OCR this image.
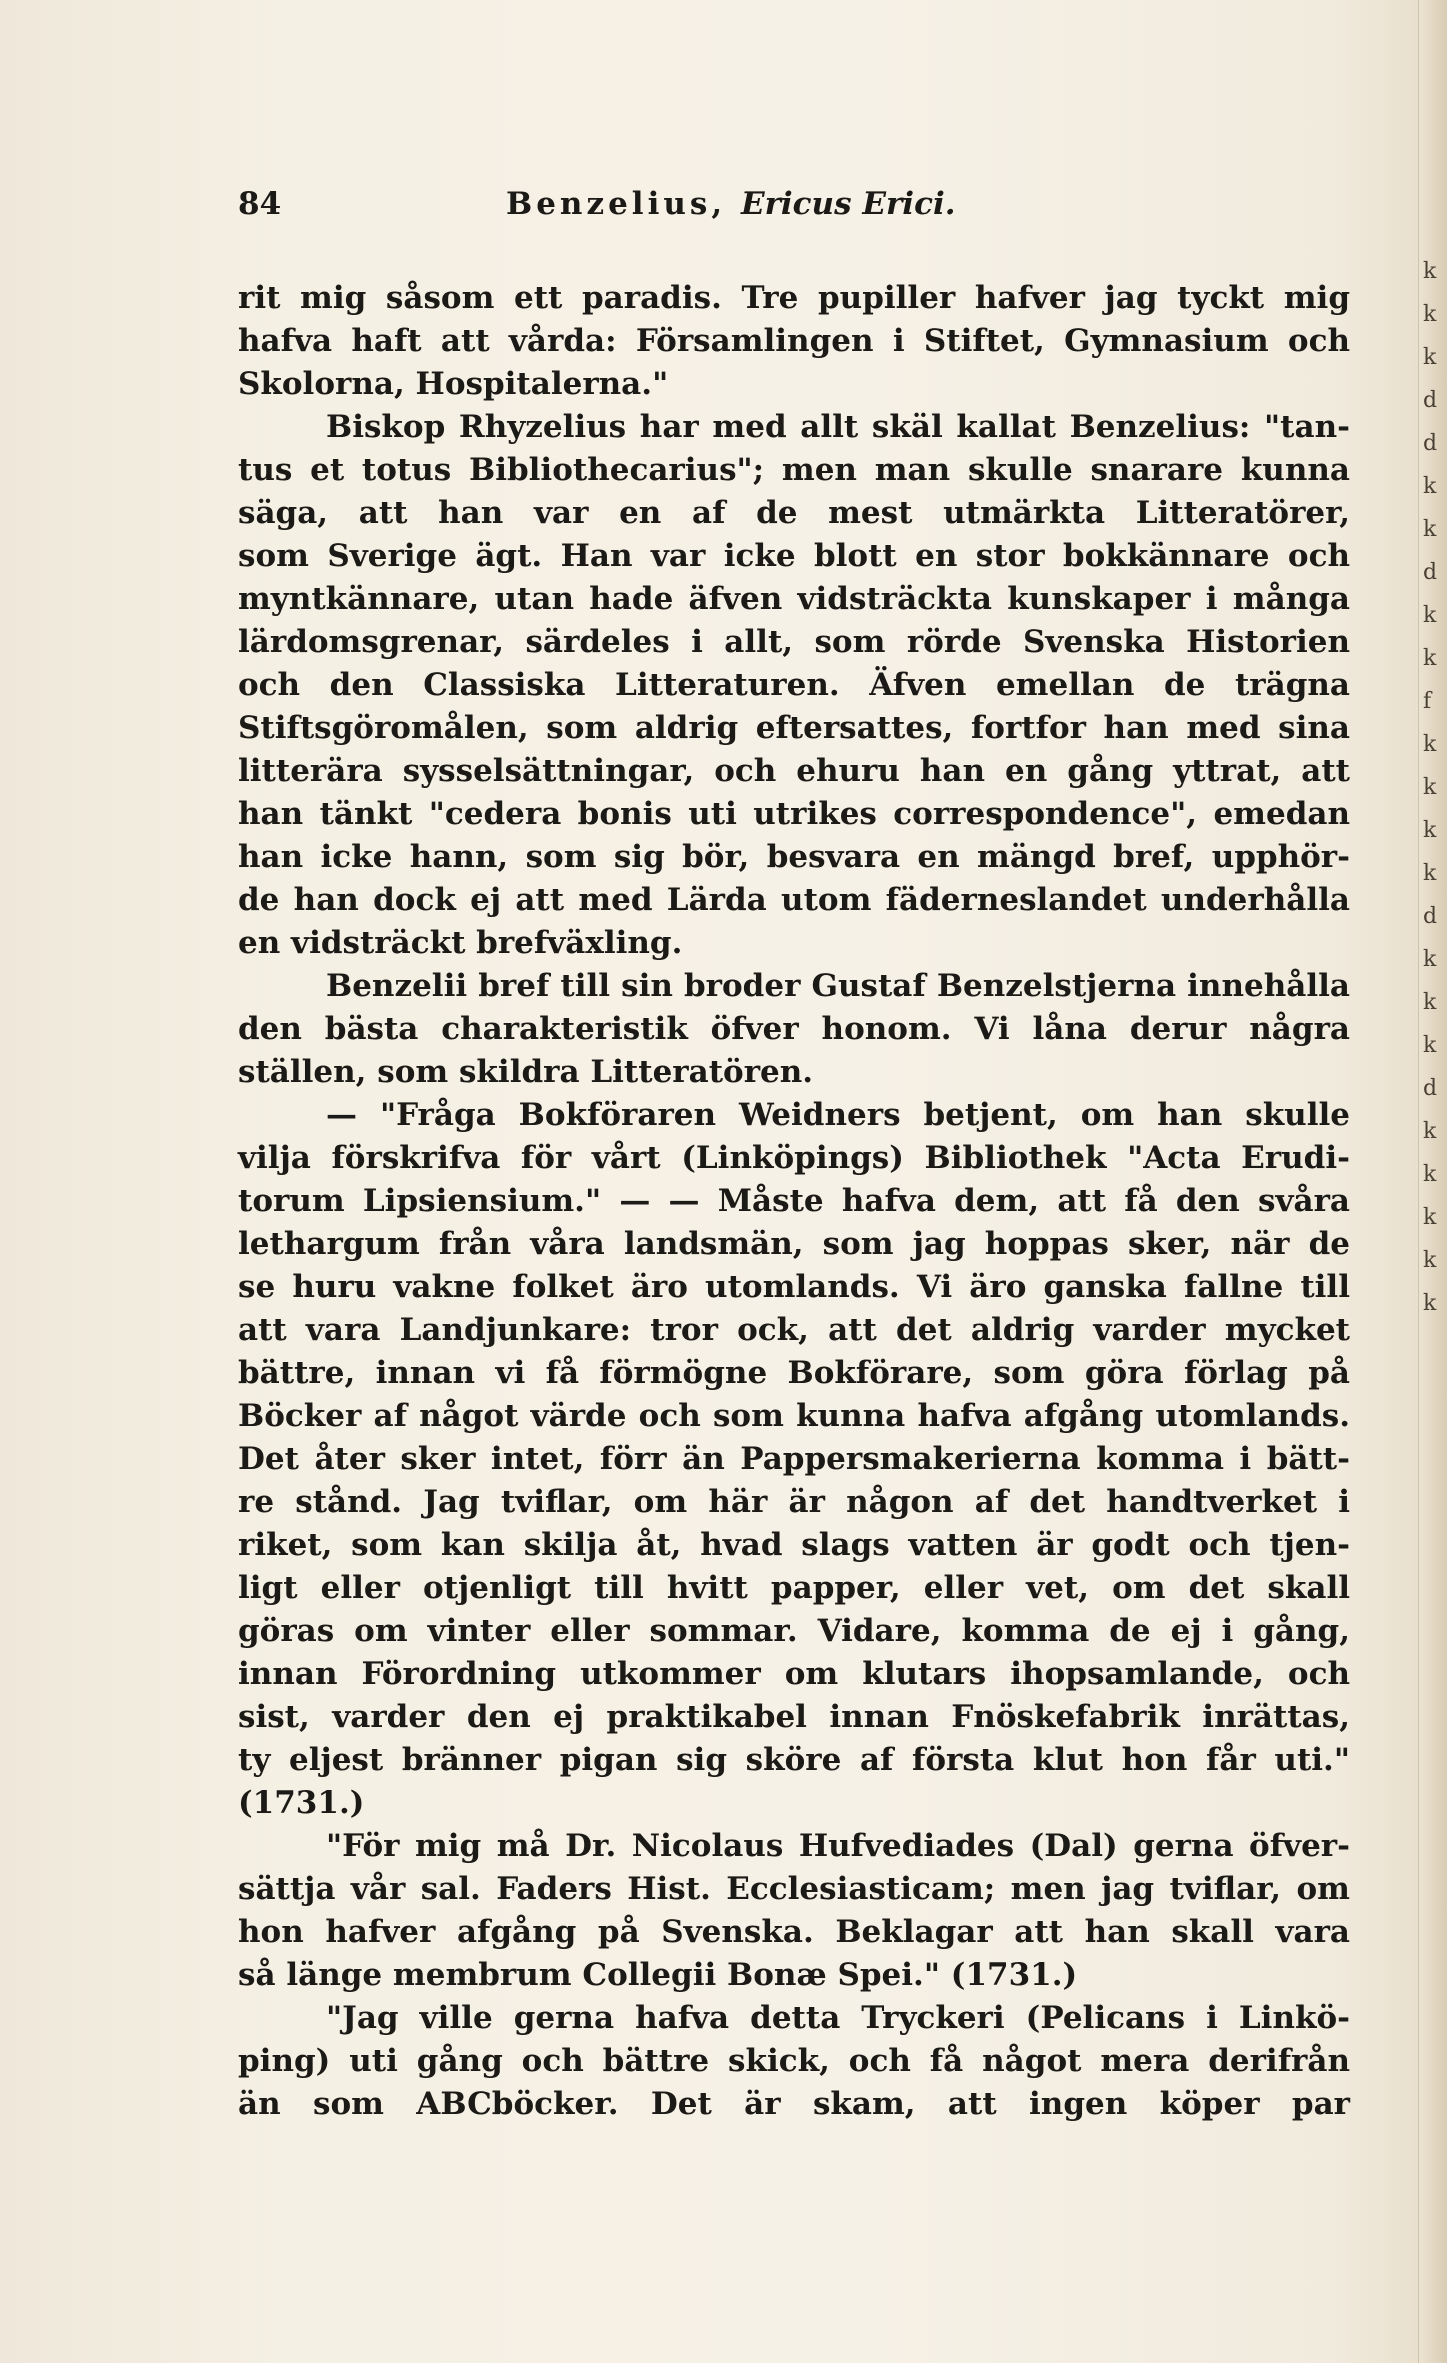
84	Benzelius, Ericus Erici.
rit mig såsom ett paradis. Tre pupiller hafver jag tyckt mig
hafva haft att vårda: Församlingen i Stiftet, Gymnasium och
Skolorna, Hospitalerna."
Biskop Rhyzelius har med allt skäl kallat Benzelius: "tan-
tus et totus Bibliothecarius"; men man skulle snarare kunna
säga, att han var en af de mest utmärkta Litteratörer,
som Sverige ägt. Han var icke blott en stor bokkännare och
myntkännare, utan hade äfven vidsträckta kunskaper i många
lärdomsgrenar, särdeles i allt, som rörde Svenska Historien
och den Classiska Litteraturen. Äfven emellan de trägna
Stiftsgöromålen, som aldrig eftersattes, fortfor han med sina
litterära sysselsättningar, och ehuru han en gång yttrat, att
han tänkt "cedera bonis uti utrikes correspondence", emedan
han icke hann, som sig bör, besvara en mängd bref, upphör-
de han dock ej att med Lärda utom fäderneslandet underhålla
en vidsträckt brefväxling.
Benzelii bref till sin broder Gustaf Benzelstjerna innehålla
den bästa charakteristik öfver honom. Vi låna derur några
ställen, som skildra Litteratören.
— "Fråga Bokföraren Weidners betjent, om han skulle
vilja förskrifva för vårt (Linköpings) Bibliothek "Acta Erudi-
torum Lipsiensium." — — Måste hafva dem, att få den svåra
lethargum från våra landsmän, som jag hoppas sker, när de
se huru vakne folket äro utomlands. Vi äro ganska fallne till
att vara Landjunkare: tror ock, att det aldrig varder mycket
bättre, innan vi få förmögne Bokförare, som göra förlag på
Böcker af något värde och som kunna hafva afgång utomlands.
Det åter sker intet, förr än Pappersmakerierna komma i bätt-
re stånd. Jag tviflar, om här är någon af det handtverket i
riket, som kan skilja åt, hvad slags vatten är godt och tjen-
ligt eller otjenligt till hvitt papper, eller vet, om det skall
göras om vinter eller sommar. Vidare, komma de ej i gång,
innan Förordning utkommer om klutars ihopsamlande, och
sist, varder den ej praktikabel innan Fnöskefabrik inrättas,
ty eljest bränner pigan sig sköre af första klut hon får uti."
(1731.)
"För mig må Dr. Nicolaus Hufvediades (Dal) gerna öfver-
sättja vår sal. Faders Hist. Ecclesiasticam; men jag tviflar, om
hon hafver afgång på Svenska. Beklagar att han skall vara
så länge membrum Collegii Bonæ Spei." (1731.)
"Jag ville gerna hafva detta Tryckeri (Pelicans i Linkö-
ping) uti gång och bättre skick, och få något mera derifrån
än som ABCböcker. Det är skam, att ingen köper par
k
k
k
d
d
k
k
d
k
k
f
k
k
k
k
d
k
k
k
d
k
k
k
k
k
